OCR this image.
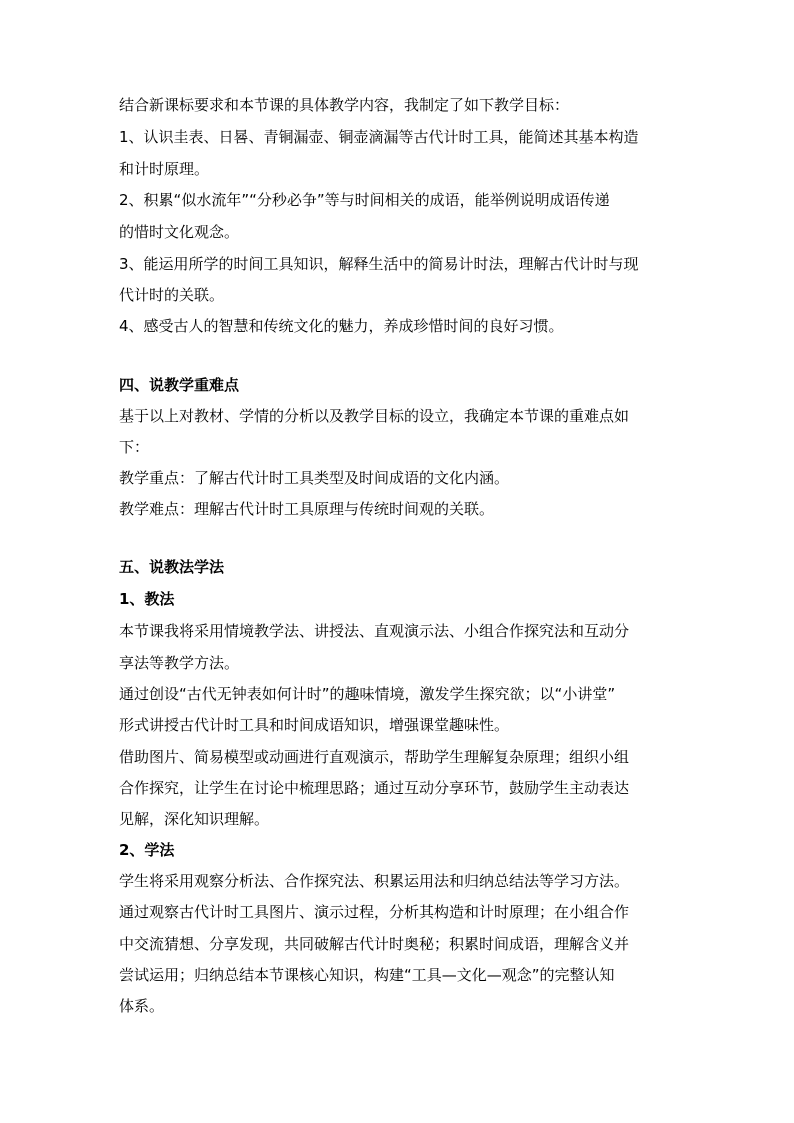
结合新课标要求和本节课的具体教学内容，我制定了如下教学目标：
1、认识圭表、日晷、青铜漏壶、铜壶滴漏等古代计时工具，能简述其基本构造
和计时原理。
2、积累“似水流年”“分秒必争”等与时间相关的成语，能举例说明成语传递
的惜时文化观念。
3、能运用所学的时间工具知识，解释生活中的简易计时法，理解古代计时与现
代计时的关联。
4、感受古人的智慧和传统文化的魅力，养成珍惜时间的良好习惯。
四、说教学重难点
基于以上对教材、学情的分析以及教学目标的设立，我确定本节课的重难点如
下：
教学重点：了解古代计时工具类型及时间成语的文化内涵。
教学难点：理解古代计时工具原理与传统时间观的关联。
五、说教法学法
1、教法
本节课我将采用情境教学法、讲授法、直观演示法、小组合作探究法和互动分
享法等教学方法。
通过创设“古代无钟表如何计时”的趣味情境，激发学生探究欲；以“小讲堂”
形式讲授古代计时工具和时间成语知识，增强课堂趣味性。
借助图片、简易模型或动画进行直观演示，帮助学生理解复杂原理；组织小组
合作探究，让学生在讨论中梳理思路；通过互动分享环节，鼓励学生主动表达
见解，深化知识理解。
2、学法
学生将采用观察分析法、合作探究法、积累运用法和归纳总结法等学习方法。
通过观察古代计时工具图片、演示过程，分析其构造和计时原理；在小组合作
中交流猜想、分享发现，共同破解古代计时奥秘；积累时间成语，理解含义并
尝试运用；归纳总结本节课核心知识，构建“工具—文化—观念”的完整认知
体系。
